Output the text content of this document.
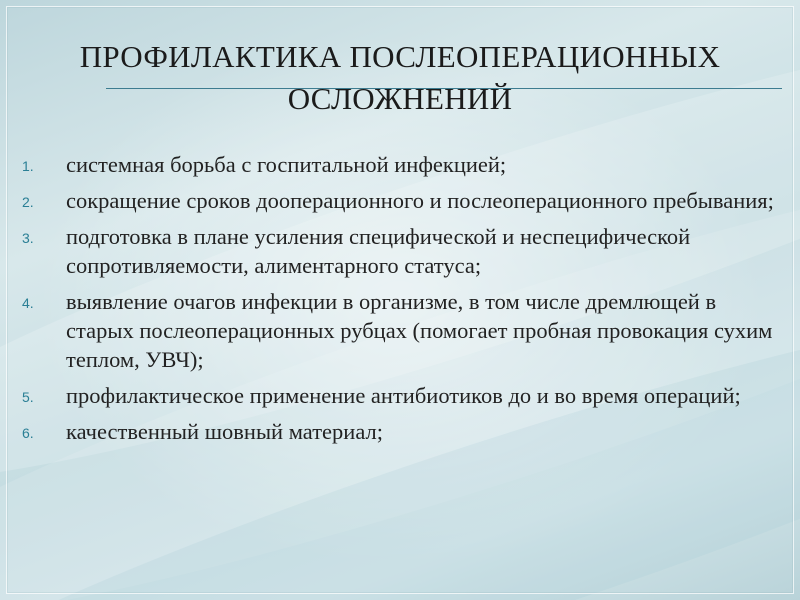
ПРОФИЛАКТИКА ПОСЛЕОПЕРАЦИОННЫХ
ОСЛОЖНЕНИЙ
1. системная борьба с госпитальной инфекцией;
2. сокращение сроков дооперационного и послеоперационного пребывания;
3. подготовка в плане усиления специфической и неспецифической сопротивляемости, алиментарного статуса;
4. выявление очагов инфекции в организме, в том числе дремлющей в старых послеоперационных рубцах (помогает пробная провокация сухим теплом, УВЧ);
5. профилактическое применение антибиотиков до и во время операций;
6. качественный шовный материал;
